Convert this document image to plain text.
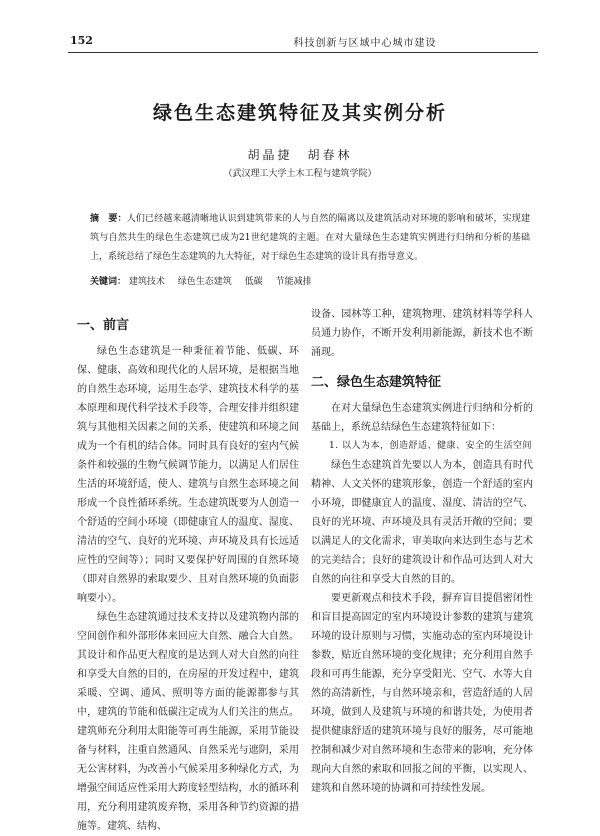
152	科技创新与区域中心城市建设
绿色生态建筑特征及其实例分析
胡晶捷　胡春林
（武汉理工大学土木工程与建筑学院）

摘　要：人们已经越来越清晰地认识到建筑带来的人与自然的隔离以及建筑活动对环境的影响和破坏，实现建筑与自然共生的绿色生态建筑已成为21世纪建筑的主题。在对大量绿色生态建筑实例进行归纳和分析的基础上，系统总结了绿色生态建筑的九大特征，对于绿色生态建筑的设计具有指导意义。

关键词： 建筑技术 绿色生态建筑 低碳 节能减排
一、前言

绿色生态建筑是一种秉征着节能、低碳、环保、健康、高效和现代化的人居环境，是根据当地的自然生态环境，运用生态学、建筑技术科学的基本原理和现代科学技术手段等，合理安排并组织建筑与其他相关因素之间的关系，使建筑和环境之间成为一个有机的结合体。同时具有良好的室内气候条件和较强的生物气候调节能力，以满足人们居住生活的环境舒适，使人、建筑与自然生态环境之间形成一个良性循环系统。生态建筑既要为人创造一个舒适的空间小环境（即健康宜人的温度、湿度、清洁的空气、良好的光环境、声环境及具有长远适应性的空间等）；同时又要保护好周围的自然环境（即对自然界的索取要少、且对自然环境的负面影响要小）。

绿色生态建筑通过技术支持以及建筑物内部的空间创作和外部形体来回应大自然、融合大自然。其设计和作品更大程度的是达到人对大自然的向往和享受大自然的目的，在房屋的开发过程中，建筑采暖、空调、通风、照明等方面的能源都参与其中，建筑的节能和低碳注定成为人们关注的焦点。建筑师充分利用太阳能等可再生能源，采用节能设备与材料，注重自然通风、自然采光与遮阴，采用无公害材料，为改善小气候采用多种绿化方式，为增强空间适应性采用大跨度轻型结构，水的循环利用，充分利用建筑废弃物，采用各种节约资源的措施等。建筑、结构、

设备、园林等工种，建筑物理、建筑材料等学科人员通力协作，不断开发利用新能源，新技术也不断涌现。

二、绿色生态建筑特征

在对大量绿色生态建筑实例进行归纳和分析的基础上，系统总结绿色生态建筑特征如下：

1. 以人为本，创造舒适、健康、安全的生活空间

绿色生态建筑首先要以人为本，创造具有时代精神、人文关怀的建筑形象，创造一个舒适的室内小环境，即健康宜人的温度、湿度、清洁的空气、良好的光环境、声环境及具有灵活开敞的空间；要以满足人的文化需求，审美取向来达到生态与艺术的完美结合；良好的建筑设计和作品可达到人对大自然的向往和享受大自然的目的。

要更新观点和技术手段，摒弃盲目提倡密闭性和盲目提高固定的室内环境设计参数的建筑与建筑环境的设计原则与习惯，实施动态的室内环境设计参数，贴近自然环境的变化规律；充分利用自然手段和可再生能源，充分享受阳光、空气、水等大自然的高清新性，与自然环境亲和，营造舒适的人居环境，做到人及建筑与环境的和谐共处，为使用者提供健康舒适的建筑环境与良好的服务，尽可能地控制和减少对自然环境和生态带来的影响，充分体现向大自然的索取和回报之间的平衡，以实现人、建筑和自然环境的协调和可持续性发展。
